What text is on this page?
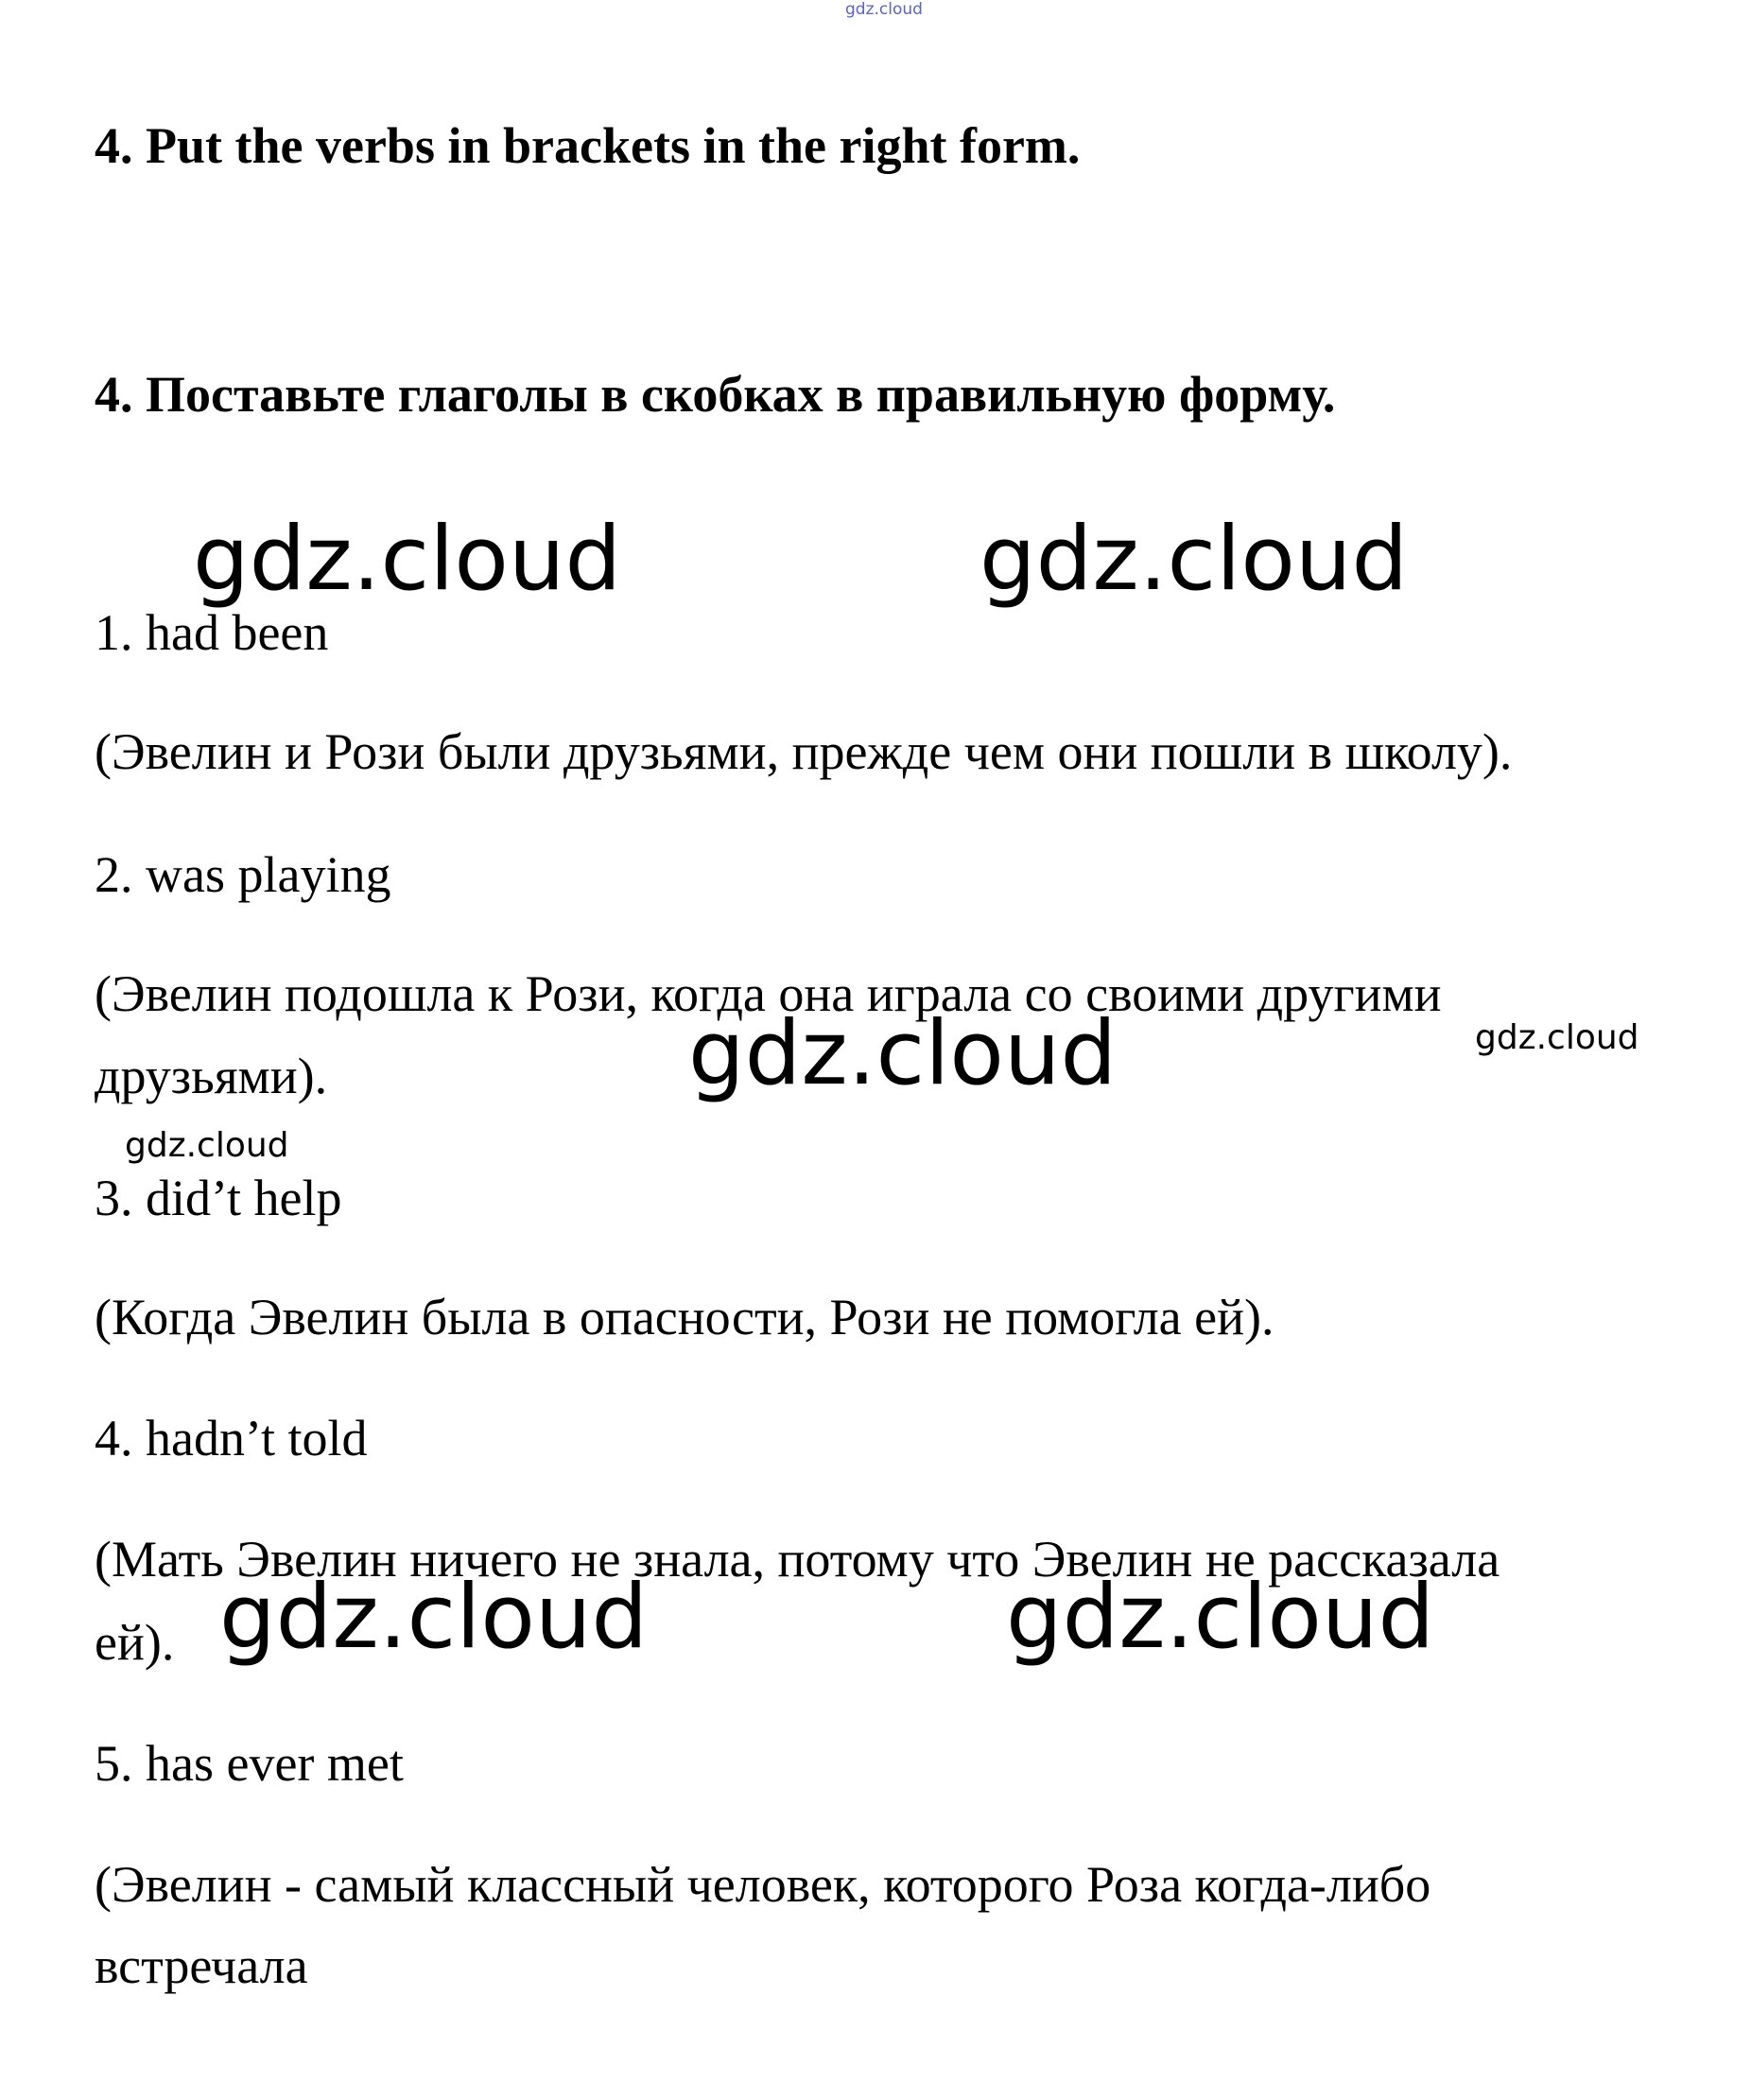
gdz.cloud
4. Put the verbs in brackets in the right form.
4. Поставьте глаголы в скобках в правильную форму.
gdz.cloud	gdz.cloud
1. had been
(Эвелин и Рози были друзьями, прежде чем они пошли в школу).
2. was playing
(Эвелин подошла к Рози, когда она играла со своими другими
друзьями).	gdz.cloud	gdz.cloud
gdz.cloud
3. did’t help
(Когда Эвелин была в опасности, Рози не помогла ей).
4. hadn’t told
(Мать Эвелин ничего не знала, потому что Эвелин не рассказала
ей). gdz.cloud	gdz.cloud
5. has ever met
(Эвелин - самый классный человек, которого Роза когда-либо
встречала
